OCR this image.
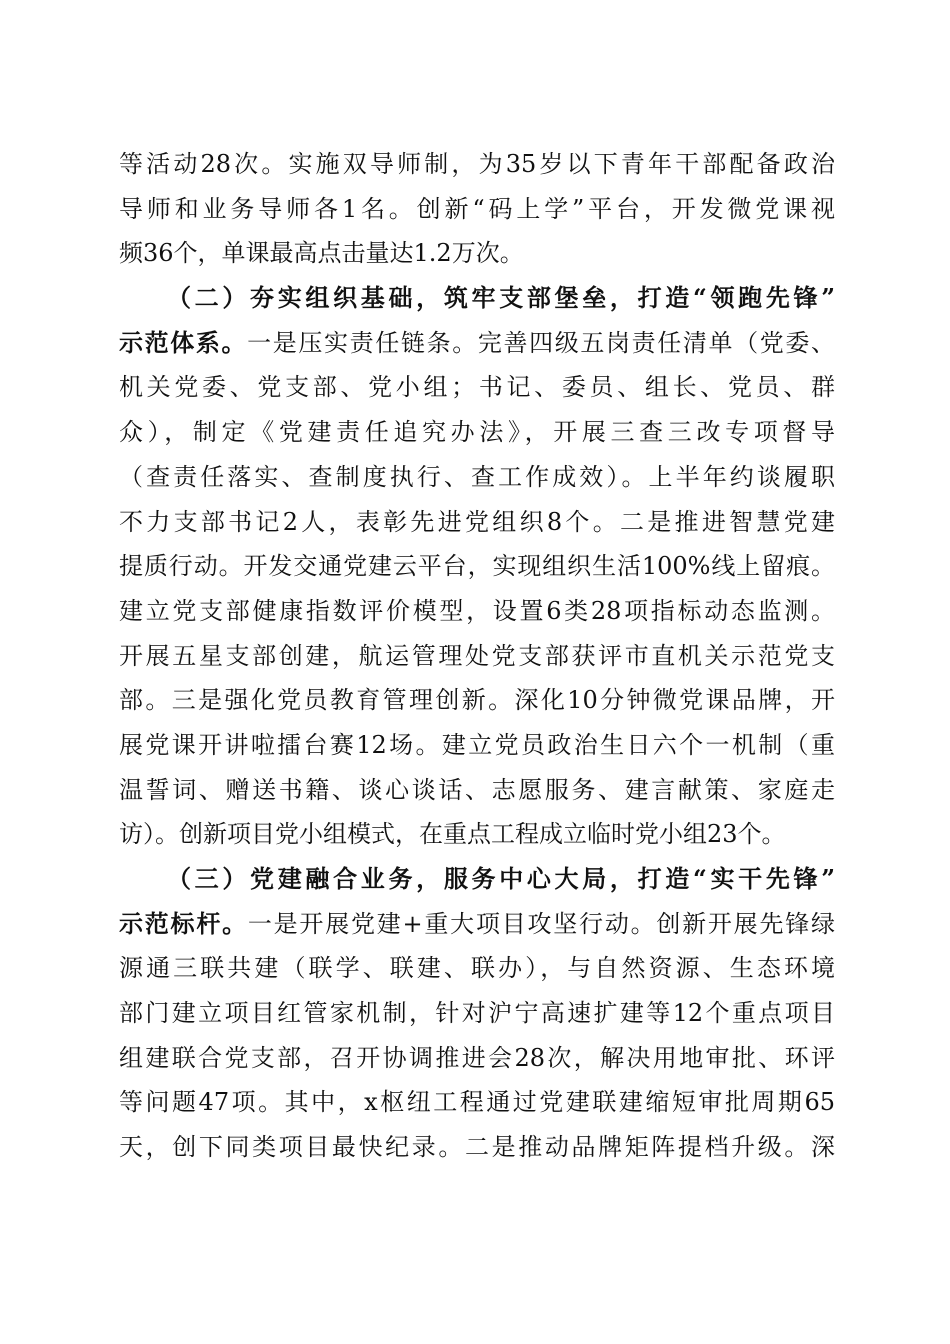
等活动28次。实施双导师制，为35岁以下青年干部配备政治
导师和业务导师各1名。创新“码上学”平台，开发微党课视
频36个，单课最高点击量达1.2万次。
（二）夯实组织基础，筑牢支部堡垒，打造“领跑先锋”
示范体系。一是压实责任链条。完善四级五岗责任清单（党委、
机关党委、党支部、党小组；书记、委员、组长、党员、群
众），制定《党建责任追究办法》，开展三查三改专项督导
（查责任落实、查制度执行、查工作成效）。上半年约谈履职
不力支部书记2人，表彰先进党组织8个。二是推进智慧党建
提质行动。开发交通党建云平台，实现组织生活100%线上留痕。
建立党支部健康指数评价模型，设置6类28项指标动态监测。
开展五星支部创建，航运管理处党支部获评市直机关示范党支
部。三是强化党员教育管理创新。深化10分钟微党课品牌，开
展党课开讲啦擂台赛12场。建立党员政治生日六个一机制（重
温誓词、赠送书籍、谈心谈话、志愿服务、建言献策、家庭走
访）。创新项目党小组模式，在重点工程成立临时党小组23个。
（三）党建融合业务，服务中心大局，打造“实干先锋”
示范标杆。一是开展党建+重大项目攻坚行动。创新开展先锋绿
源通三联共建（联学、联建、联办），与自然资源、生态环境
部门建立项目红管家机制，针对沪宁高速扩建等12个重点项目
组建联合党支部，召开协调推进会28次，解决用地审批、环评
等问题47项。其中，x枢纽工程通过党建联建缩短审批周期65
天，创下同类项目最快纪录。二是推动品牌矩阵提档升级。深
